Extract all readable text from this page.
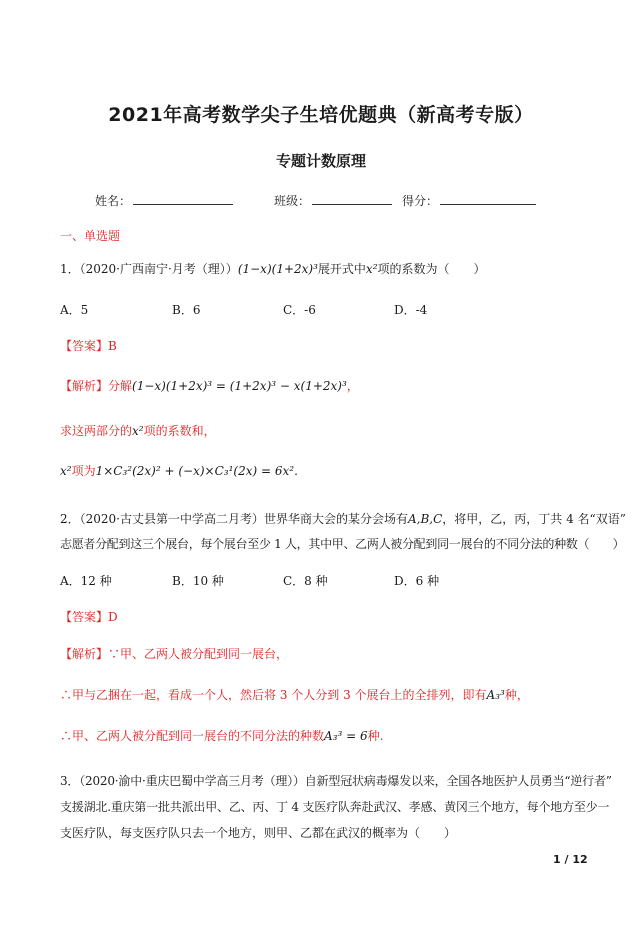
2021年高考数学尖子生培优题典（新高考专版）
专题计数原理
姓名：	班级：	得分：
一、单选题
1．（2020·广西南宁·月考（理））(1−x)(1+2x)³展开式中x²项的系数为（　　）
A．5	B．6	C．-6	D．-4
【答案】B
【解析】分解(1−x)(1+2x)³ = (1+2x)³ − x(1+2x)³，
求这两部分的x²项的系数和，
x²项为1×C₃²(2x)² + (−x)×C₃¹(2x) = 6x².
2．（2020·古丈县第一中学高二月考）世界华商大会的某分会场有A,B,C，将甲，乙，丙，丁共 4 名“双语”
志愿者分配到这三个展台，每个展台至少 1 人，其中甲、乙两人被分配到同一展台的不同分法的种数（　　）
A．12 种	B．10 种	C．8 种	D．6 种
【答案】D
【解析】∵甲、乙两人被分配到同一展台，
∴甲与乙捆在一起，看成一个人，然后将 3 个人分到 3 个展台上的全排列，即有A₃³种，
∴甲、乙两人被分配到同一展台的不同分法的种数A₃³ = 6种.
3．（2020·渝中·重庆巴蜀中学高三月考（理））自新型冠状病毒爆发以来，全国各地医护人员勇当“逆行者”
支援湖北.重庆第一批共派出甲、乙、丙、丁 4 支医疗队奔赴武汉、孝感、黄冈三个地方，每个地方至少一
支医疗队，每支医疗队只去一个地方，则甲、乙都在武汉的概率为（　　）
1 / 12
